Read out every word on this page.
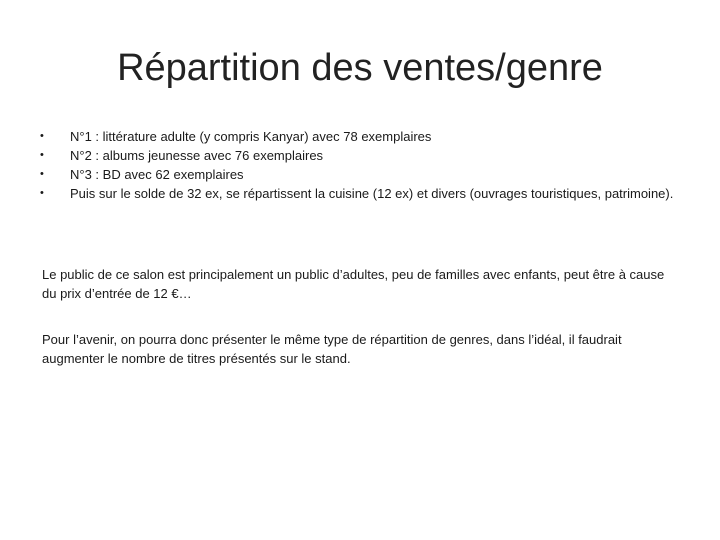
Répartition des ventes/genre
• N°1 : littérature adulte (y compris Kanyar) avec 78 exemplaires
• N°2 : albums jeunesse avec 76 exemplaires
• N°3 : BD avec 62 exemplaires
• Puis sur le solde de 32 ex, se répartissent la cuisine (12 ex) et divers (ouvrages touristiques, patrimoine).

Le public de ce salon est principalement un public d’adultes, peu de familles avec enfants, peut être à cause du prix d’entrée de 12 €…

Pour l’avenir, on pourra donc présenter le même type de répartition de genres, dans l’idéal, il faudrait augmenter le nombre de titres présentés sur le stand.
